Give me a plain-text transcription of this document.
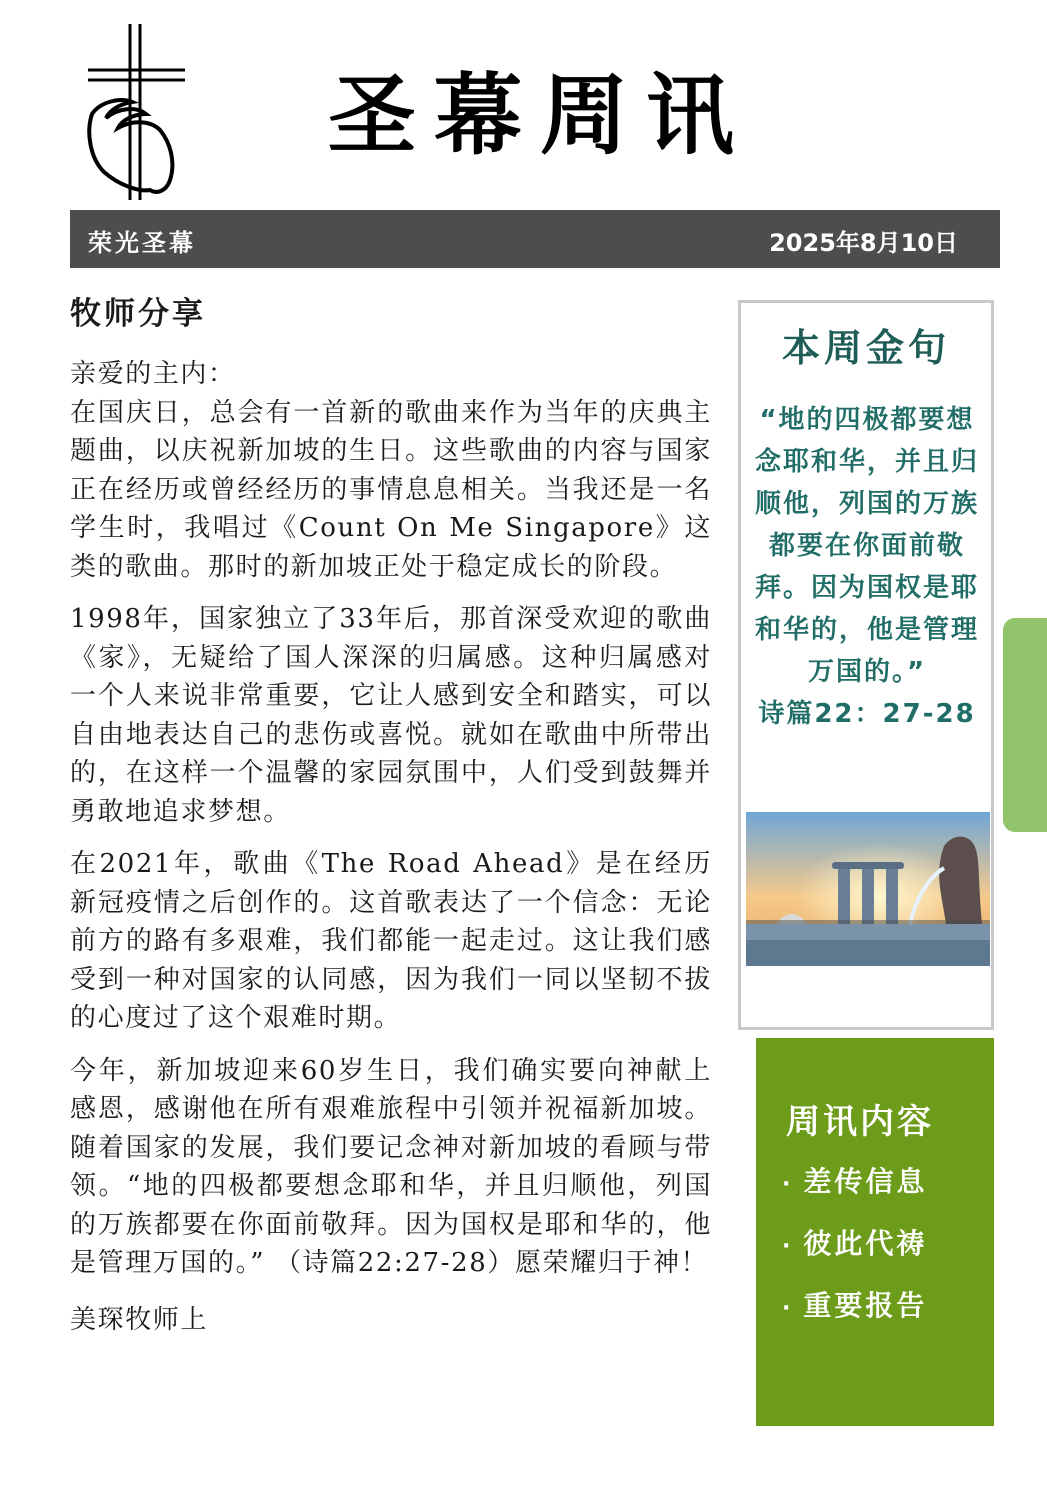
圣幕周讯
荣光圣幕	2025年8月10日
牧师分享
亲爱的主内：

在国庆日，总会有一首新的歌曲来作为当年的庆典主题曲，以庆祝新加坡的生日。这些歌曲的内容与国家正在经历或曾经经历的事情息息相关。当我还是一名学生时，我唱过《Count On Me Singapore》这类的歌曲。那时的新加坡正处于稳定成长的阶段。

1998年，国家独立了33年后，那首深受欢迎的歌曲《家》，无疑给了国人深深的归属感。这种归属感对一个人来说非常重要，它让人感到安全和踏实，可以自由地表达自己的悲伤或喜悦。就如在歌曲中所带出的，在这样一个温馨的家园氛围中，人们受到鼓舞并勇敢地追求梦想。

在2021年，歌曲《The Road Ahead》是在经历新冠疫情之后创作的。这首歌表达了一个信念：无论前方的路有多艰难，我们都能一起走过。这让我们感受到一种对国家的认同感，因为我们一同以坚韧不拔的心度过了这个艰难时期。

今年，新加坡迎来60岁生日，我们确实要向神献上感恩，感谢他在所有艰难旅程中引领并祝福新加坡。随着国家的发展，我们要记念神对新加坡的看顾与带领。“地的四极都要想念耶和华，并且归顺他，列国的万族都要在你面前敬拜。因为国权是耶和华的，他是管理万国的。” （诗篇22:27-28）愿荣耀归于神！

美琛牧师上
本周金句
“地的四极都要想念耶和华，并且归顺他，列国的万族都要在你面前敬拜。因为国权是耶和华的，他是管理万国的。”
诗篇22：27-28
周讯内容
· 差传信息
· 彼此代祷
· 重要报告
